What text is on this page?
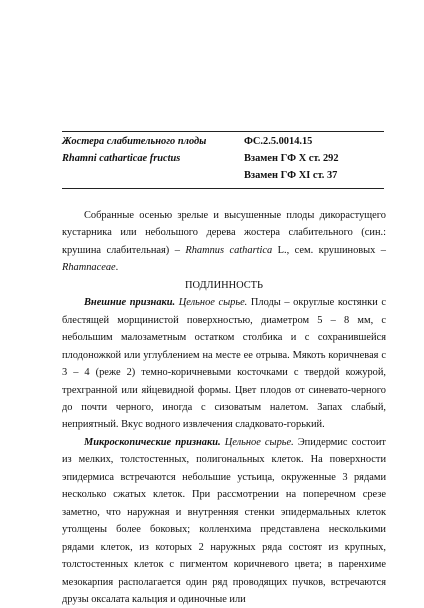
Жостера слабительного плоды	ФС.2.5.0014.15
Rhamni catharticae fructus	Взамен ГФ X ст. 292
Взамен ГФ XI ст. 37

Собранные осенью зрелые и высушенные плоды дикорастущего кустарника или небольшого дерева жостера слабительного (син.: крушина слабительная) – Rhamnus cathartica L., сем. крушиновых – Rhamnaceae.

ПОДЛИННОСТЬ

Внешние признаки. Цельное сырье. Плоды – округлые костянки с блестящей морщинистой поверхностью, диаметром 5 – 8 мм, с небольшим малозаметным остатком столбика и с сохранившейся плодоножкой или углублением на месте ее отрыва. Мякоть коричневая с 3 – 4 (реже 2) темно-коричневыми косточками с твердой кожурой, трехгранной или яйцевидной формы. Цвет плодов от синевато-черного до почти черного, иногда с сизоватым налетом. Запах слабый, неприятный. Вкус водного извлечения сладковато-горький.

Микроскопические признаки. Цельное сырье. Эпидермис состоит из мелких, толстостенных, полигональных клеток. На поверхности эпидермиса встречаются небольшие устьица, окруженные 3 рядами несколько сжатых клеток. При рассмотрении на поперечном срезе заметно, что наружная и внутренняя стенки эпидермальных клеток утолщены более боковых; колленхима представлена несколькими рядами клеток, из которых 2 наружных ряда состоят из крупных, толстостенных клеток с пигментом коричневого цвета; в паренхиме мезокарпия располагается один ряд проводящих пучков, встречаются друзы оксалата кальция и одиночные или
